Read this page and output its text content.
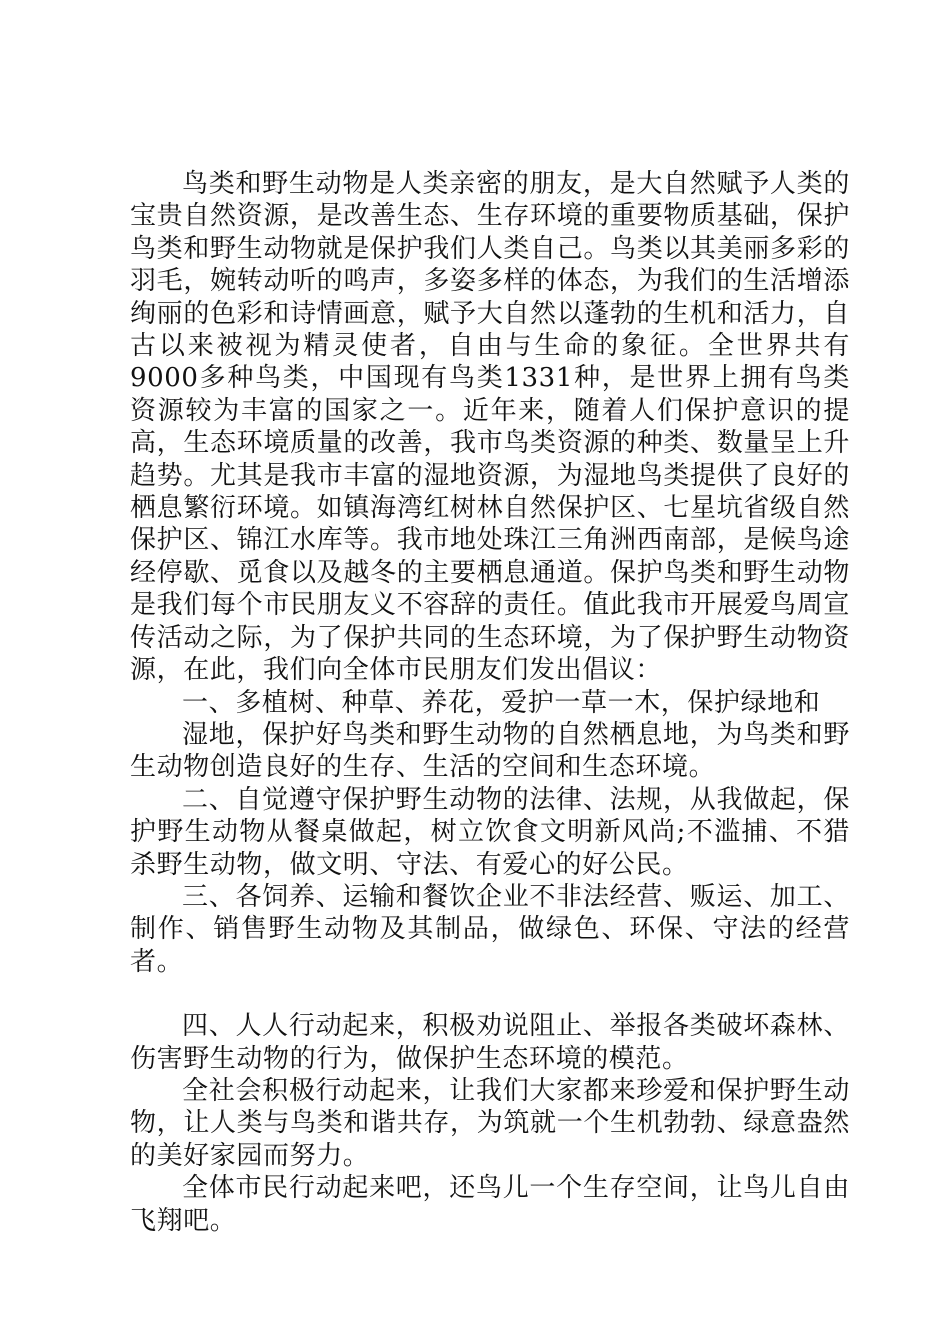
鸟类和野生动物是人类亲密的朋友，是大自然赋予人类的宝贵自然资源，是改善生态、生存环境的重要物质基础，保护鸟类和野生动物就是保护我们人类自己。鸟类以其美丽多彩的羽毛，婉转动听的鸣声，多姿多样的体态，为我们的生活增添绚丽的色彩和诗情画意，赋予大自然以蓬勃的生机和活力，自古以来被视为精灵使者，自由与生命的象征。全世界共有9000多种鸟类，中国现有鸟类1331种，是世界上拥有鸟类资源较为丰富的国家之一。近年来，随着人们保护意识的提高，生态环境质量的改善，我市鸟类资源的种类、数量呈上升趋势。尤其是我市丰富的湿地资源，为湿地鸟类提供了良好的栖息繁衍环境。如镇海湾红树林自然保护区、七星坑省级自然保护区、锦江水库等。我市地处珠江三角洲西南部，是候鸟途经停歇、觅食以及越冬的主要栖息通道。保护鸟类和野生动物是我们每个市民朋友义不容辞的责任。值此我市开展爱鸟周宣传活动之际，为了保护共同的生态环境，为了保护野生动物资源，在此，我们向全体市民朋友们发出倡议：

一、多植树、种草、养花，爱护一草一木，保护绿地和

湿地，保护好鸟类和野生动物的自然栖息地，为鸟类和野生动物创造良好的生存、生活的空间和生态环境。

二、自觉遵守保护野生动物的法律、法规，从我做起，保护野生动物从餐桌做起，树立饮食文明新风尚;不滥捕、不猎杀野生动物，做文明、守法、有爱心的好公民。

三、各饲养、运输和餐饮企业不非法经营、贩运、加工、制作、销售野生动物及其制品，做绿色、环保、守法的经营者。

四、人人行动起来，积极劝说阻止、举报各类破坏森林、伤害野生动物的行为，做保护生态环境的模范。

全社会积极行动起来，让我们大家都来珍爱和保护野生动物，让人类与鸟类和谐共存，为筑就一个生机勃勃、绿意盎然的美好家园而努力。

全体市民行动起来吧，还鸟儿一个生存空间，让鸟儿自由飞翔吧。
